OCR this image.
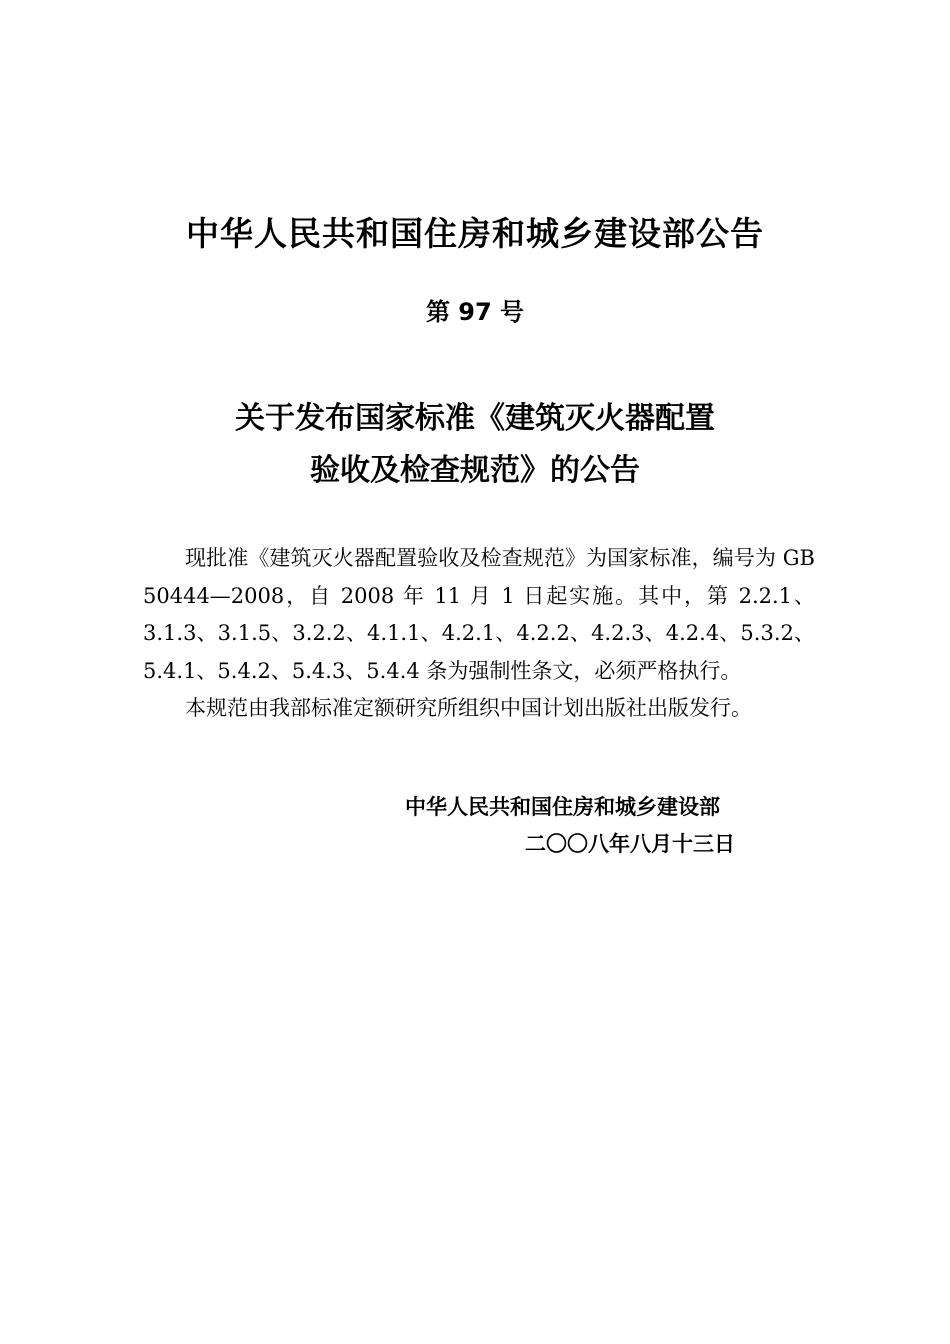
中华人民共和国住房和城乡建设部公告
第 97 号
关于发布国家标准《建筑灭火器配置
验收及检查规范》的公告

现批准《建筑灭火器配置验收及检查规范》为国家标准，编号为 GB 50444—2008，自 2008 年 11 月 1 日起实施。其中，第 2.2.1、3.1.3、3.1.5、3.2.2、4.1.1、4.2.1、4.2.2、4.2.3、4.2.4、5.3.2、5.4.1、5.4.2、5.4.3、5.4.4 条为强制性条文，必须严格执行。

本规范由我部标准定额研究所组织中国计划出版社出版发行。

中华人民共和国住房和城乡建设部
二〇〇八年八月十三日
